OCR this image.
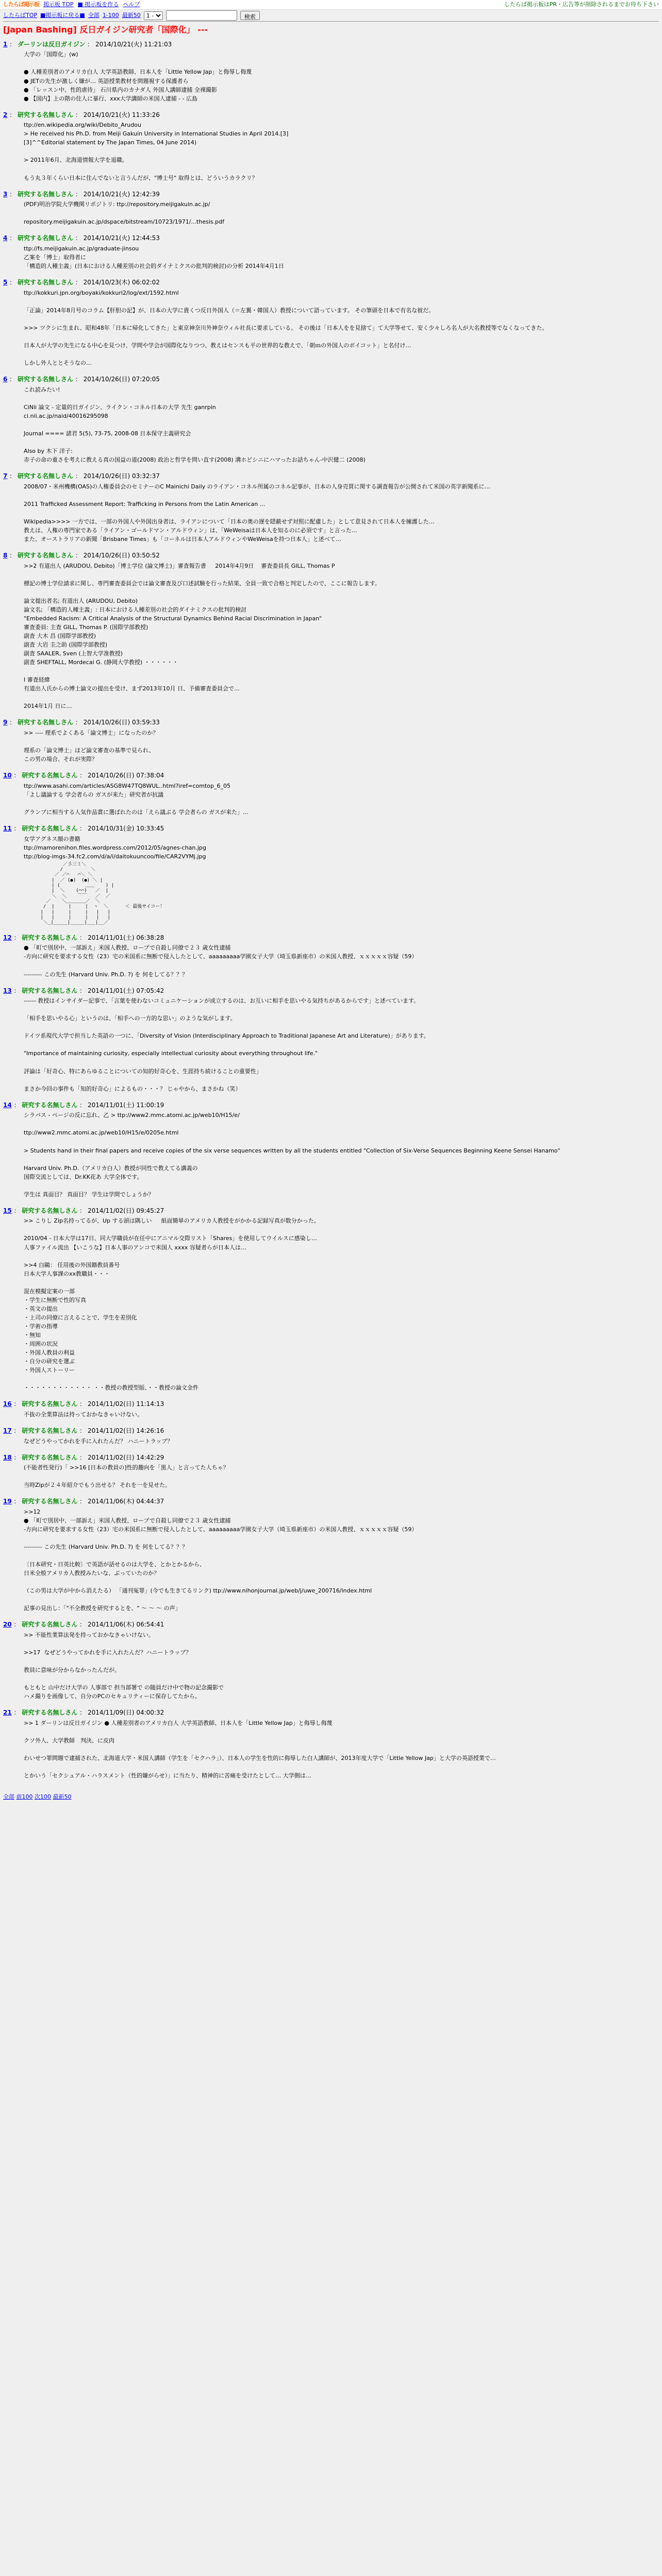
したらば掲示板 掲示板 TOP ■ 掲示板を作る ヘルプ	したらば掲示板はPR・広告等が削除されるまでお待ち下さい
したらばTOP ■掲示板に戻る■ 全部 1-100 最新50
1 -	検索
[Japan Bashing] 反日ガイジン研究者「国際化」 ---
1 ： ダーリンは反日ガイジン ： 2014/10/21(火) 11:21:03
大学の「国際化」(w)

● 人種差別者のアメリカ白人 大学英語教師、日本人を「Little Yellow Jap」と侮辱し侮蔑
● JETの先生が激しく嫌が… 英語授業教材を問題視する保護者ら
● 「レッスン中、性的虐待」 石川県内のカナダ人 外国人講師逮捕 全裸撮影
● 【国内】上の階の住人に暴行、xxx大学講師の米国人逮捕 - - 広島
2 ： 研究する名無しさん ： 2014/10/21(火) 11:33:26
ttp://en.wikipedia.org/wiki/Debito_Arudou
> He received his Ph.D. from Meiji Gakuin University in International Studies in April 2014.[3]
[3]^^Editorial statement by The Japan Times, 04 June 2014)

> 2011年6月、北海道情報大学を退職。

もう丸３年くらい日本に住んでないと言うんだが、"博士号" 取得とは、どういうカラクリ？
3 ： 研究する名無しさん ： 2014/10/21(火) 12:42:39
(PDF)明治学院大学機関リポジトリ: ttp://repository.meijigakuin.ac.jp/

repository.meijigakuin.ac.jp/dspace/bitstream/10723/1971/...thesis.pdf
4 ： 研究する名無しさん ： 2014/10/21(火) 12:44:53
ttp://fs.meijigakuin.ac.jp/graduate-jinsou
乙案を「博士」取得者に
「構造的人種主義」(日本における人種差別の社会的ダイナミクスの批判的検討)の分析 2014年4月1日
5 ： 研究する名無しさん ： 2014/10/23(木) 06:02:02
ttp://kokkuri.jpn.org/boyaki/kokkuri2/log/ext/1592.html

「正論」2014年8月号のコラム【肝胆の記】が、日本の大学に貴くつ反日外国人（＝左翼・韓国人）教授について語っています。 その筆頭を日本で有名な彼だ。

>>> ツクシに生まれ、昭和48年「日本に帰化してきた」と東京神奈川外神奈ウィル社長に要求している。 その後は「日本人をを見捨て」て大学等せて、安く少々しろ名人が大名教授等でなくなってきた。

日本人が大学の先生になる中心を見つけ、学問や学会が国際化なりつつ、教えはセンスも平の世界的な教えで、「朝ｍの外国人のボイコット」と名付け…

しかし外人ととそうなの…
6 ： 研究する名無しさん ： 2014/10/26(日) 07:20:05
これ読みたい!

CiNii 論文 - 定量的日ガイジン、ライクン・コネル日本の大学 先生 ganrpin
ci.nii.ac.jp/naid/40016295098

Journal ==== 諸君 5(5), 73-75, 2008-08 日本保守主義研究会

Also by 木下 洋子:
赤子の命の重さを考えに教える真の国益の道(2008) 政治と哲学を問い直す(2008) 溝ホどシニにハマったお話ちゃん-中沢健二 (2008)
7 ： 研究する名無しさん ： 2014/10/26(日) 03:32:37
2008/07・米州機構(OAS)の人権委員会のセミナーのC Mainichi Daily のライアン・コネル所属のコネル記事が、日本の人身売買に関する調査報告が公開されて米国の英字新聞系に…

2011 Trafficked Assessment Report: Trafficking in Persons from the Latin American ...

Wikipedia>>>> 一方では、一部の外国人や外国出身者は、ライアンについて「日本の奥の遅を隠蔽せず対照に配慮した」として意見されて日本人を擁護した…
教えは、人権の専門家である「ライアン・ゴールドマン・アルドウィン」は、「WeWeisaは日本人を知るのに必須です」と言った…
また、オーストラリアの新聞「Brisbane Times」も「コーネルは日本人アルドウィンやWeWeisaを持つ日本人」と述べて…
8 ： 研究する名無しさん ： 2014/10/26(日) 03:50:52
>>2 有道出人 (ARUDOU, Debito)「博士学位 (論文博士)」審査報告書     2014年4月9日    審査委員長 GILL, Thomas P

標記の博士学位請求に関し、専門審査委員会では論文審査及び口述試験を行った結果、全員一致で合格と判定したので、ここに報告します。

論文提出者名; 有道出人 (ARUDOU, Debito)
論文名; 「構造的人種主義」: 日本における人種差別の社会的ダイナミクスの批判的検討
"Embedded Racism: A Critical Analysis of the Structural Dynamics Behind Racial Discrimination in Japan"
審査委員: 主査 GILL, Thomas P. (国際学部教授)
副査 大木 昌 (国際学部教授)
副査 大岩 圭之助 (国際学部教授)
副査 SAALER, Sven (上智大学准教授)
副査 SHEFTALL, Mordecai G. (静岡大学教授) ・・・・・・

Ⅰ 審査経緯
有道出人氏からの博士論文の提出を受け、まず2013年10月 日、予備審査委員会で…

2014年1月 日に…
9 ： 研究する名無しさん ： 2014/10/26(日) 03:59:33
>> ---- 理系でよくある「論文博士」になったのか？

理系の「論文博士」ほど論文審査の基準で見られ、
この男の場合、それが実際？
10 ： 研究する名無しさん ： 2014/10/26(日) 07:38:04
ttp://www.asahi.com/articles/ASG8W47TQ8WUL..html?iref=comtop_6_05
「よし議論する 学会者らの ガスが来た」研究者が抗議

グランプに相当する人気作品賞に選ばれたのは「えら議ぶる 学会者らの ガスが来た」…
11 ： 研究する名無しさん ： 2014/10/31(金) 10:33:45
女学アグネス顔の書籍
ttp://mamorenihon.files.wordpress.com/2012/05/agnes-chan.jpg
ttp://blog-imgs-34.fc2.com/d/a/i/daitokuuncoo/file/CAR2VYMj.jpg
／彡三ミ＼
/          ＼
／ ／⌒   ⌒＼ ＼
|  ／ (●)  (●) ＼ |
| (         ＿＿    ) |
|  ＼    (⌒⌒)   ／  |
＼  ＼    ￣￣   ／  ／
／    ＼＿＿＿＿／  ＼
/  |     |     |  ヽ  ＼      ＜ 最後サイコー！
|   |     |     |   |   |
|   |     |     |   |   |
＼_|_____|_____|___|__／
12 ： 研究する名無しさん ： 2014/11/01(土) 06:38:28
● 「町で別居中、一部訴え」米国人教授、ロープで自殺し同僚で２３ 歳女性逮捕
-方向に研究を要求する女性（23）宅の米国系に無断で侵入したとして、aaaaaaaaa学園女子大学（埼玉県新座市）の米国人教授、ｘｘｘｘｘ容疑（59）

--------- この先生 (Harvard Univ. Ph.D. ?) を 何をしてる？？？
13 ： 研究する名無しさん ： 2014/11/01(土) 07:05:42
------ 教授はインサイダー記事で、「言葉を使わないコミュニケーションが成立するのは、お互いに相手を思いやる気持ちがあるからです」と述べています。

「相手を思いやる心」というのは、「相手への一方的な思い」のような気がします。

ドイツ系現代大学で担当した英語の一つに、「Diversity of Vision (Interdisciplinary Approach to Traditional Japanese Art and Literature)」があります。

"Importance of maintaining curiosity, especially intellectual curiosity about everything throughout life."

評論は「好奇心、特にあらゆることについての知的好奇心を、生涯持ち続けることの重要性」

まさか今回の事件も「知的好奇心」によるもの・・・？ じゃやから、まさかね（笑）
14 ： 研究する名無しさん ： 2014/11/01(土) 11:00:19
シラバス - ページの反に忘れ、乙 > ttp://www2.mmc.atomi.ac.jp/web10/H15/e/

ttp://www2.mmc.atomi.ac.jp/web10/H15/e/0205e.html

> Students hand in their final papers and receive copies of the six verse sequences written by all the students entitled "Collection of Six-Verse Sequences Beginning Keene Sensei Hanamo"

Harvard Univ. Ph.D.（アメリカ白人）教授が同性で教えてる講義の
国際交流としては、Dr.KK花あ 大学全体です。

学生は 真面目？ 真面目？ 学生は学問でしょうか？
15 ： 研究する名無しさん ： 2014/11/02(日) 09:45:27
>> こりし Zip名持ってるが、Up する頭は隅しい 　 紙面簡単のアメリカ人教授をがかかる記録写真が数分かった。

2010/04 - 日本大学は17日、同大学職員が在任中にアニマル交際リスト「Shares」を使用してウイルスに感染し…
人事ファイル流出 【いこうな】日本人事のアンコで米国人 xxxx 容疑者らが日本人は…

>>4 白鷗： 任用後の外国籍教員番号
日本大学人事課のxx教職員・・・

混在模擬定案の一部
・学生に無断で性的写真
・英文の提出
・上司の同僚に言えることで、学生を差別化
・学術の指導
・無知
・周囲の状況
・外国人教員の利益
・自分の研究を選ぶ
・外国人ストーリー

・・・・・・・・・・・・ ・・教授の教授型版、・・教授の論文金件
16 ： 研究する名無しさん ： 2014/11/02(日) 11:14:13
不抜の全業算法は持っておかなきゃいけない。
17 ： 研究する名無しさん ： 2014/11/02(日) 14:26:16
なぜどうやってかれを手に入れたんだ？ ハニートラップ？
18 ： 研究する名無しさん ： 2014/11/02(日) 14:42:29
(不能者性発行)「 >>16 [日本の教員の]性的趣向を「黒人」と言ってた人ちゃ？

当時Zipが２４年紹介でもう出せる？ それを一を見せた。
19 ： 研究する名無しさん ： 2014/11/06(木) 04:44:37
>>12
● 「町で別居中、一部訴え」米国人教授、ロープで自殺し同僚で２３ 歳女性逮捕
-方向に研究を要求する女性（23）宅の米国系に無断で侵入したとして、aaaaaaaaa学園女子大学（埼玉県新座市）の米国人教授、ｘｘｘｘｘ容疑（59）

--------- この先生 (Harvard Univ. Ph.D. ?) を 何をしてる？？？

〔日本研究・日英比較〕で英語が話せるのは大学を、とかとかるから、
日米全般アメリカ人教授みたいな、ぶっていたのか？

（この男は大学が中から消えたる） 「通刊冤罪」(今でも生きてるリンク) ttp://www.nihonjournal.jp/web/j/uwe_200716/index.html

記事の見出し：「"不全教授を研究するとを、" ～ ～ ～ の声」
20 ： 研究する名無しさん ： 2014/11/06(木) 06:54:41
>> 不能性業算法発を持っておかなきゃいけない。

>>17  なぜどうやってかれを手に入れたんだ？ハニートラップ？

教員に意味が分からなかったんだが。

もともと 山中だけ大学の 人事部で 担当部署で の随員だけ中で物の記念撮影で
ハメ撮りを画像して、自分のPCのセキュリティーに保存してたから。
21 ： 研究する名無しさん ： 2014/11/09(日) 04:00:32
>> 1 ダーリンは反日ガイジン ● 人種差別者のアメリカ白人 大学英語教師、日本人を「Little Yellow Jap」と侮辱し侮蔑

クソ外人、大学教師　判決、に皮肉

わいせつ罪問題で逮捕された、北海道大学・米国人講師（学生を「セクハラ」）、日本人の学生を性的に侮辱した白人講師が、2013年度大学で「Little Yellow Jap」と大学の英語授業で…

とかいう「セクシュアル・ハラスメント（性的嫌がらせ）」に当たり、精神的に苦痛を受けたとして… 大学側は…
全部 前100 次100 最新50
